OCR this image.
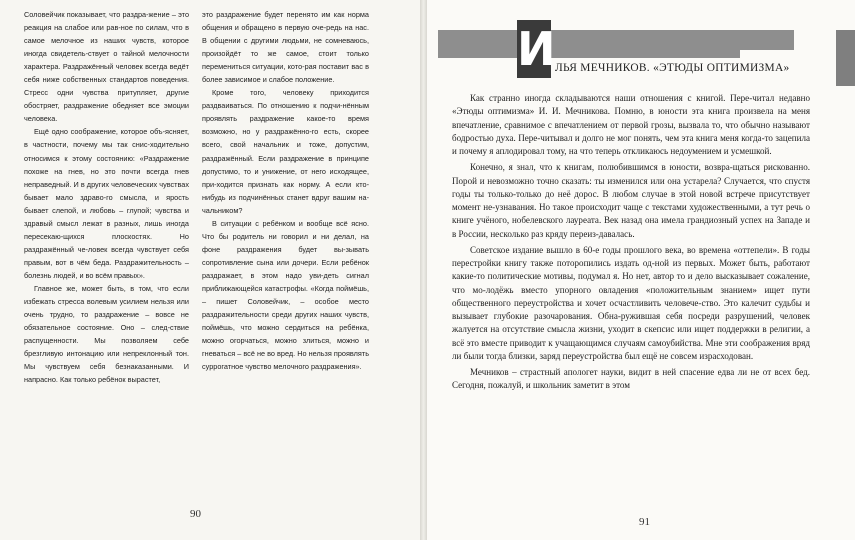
Соловейчик показывает, что раздра-жение – это реакция на слабое или рав-ное по силам, что в самое мелочное из наших чувств, которое иногда свидетель-ствует о тайной мелочности характера. Раздражённый человек всегда ведёт себя ниже собственных стандартов поведения. Стресс одни чувства притупляет, другие обостряет, раздражение обедняет все эмоции человека.

Ещё одно соображение, которое объ-ясняет, в частности, почему мы так снис-ходительно относимся к этому состоянию: «Раздражение похоже на гнев, но это почти всегда гнев неправедный. И в других человеческих чувствах бывает мало здраво-го смысла, и ярость бывает слепой, и любовь – глупой; чувства и здравый смысл лежат в разных, лишь иногда пересекаю-щихся плоскостях. Но раздражённый че-ловек всегда чувствует себя правым, вот в чём беда. Раздражительность – болезнь людей, и во всём правых».

Главное же, может быть, в том, что если избежать стресса волевым усилием нельзя или очень трудно, то раздражение – вовсе не обязательное состояние. Оно – след-ствие распущенности. Мы позволяем себе брезгливую интонацию или непреклонный тон. Мы чувствуем себя безнаказанными. И напрасно. Как только ребёнок вырастет,

это раздражение будет перенято им как норма общения и обращено в первую оче-редь на нас. В общении с другими людьми, не сомневаюсь, произойдёт то же самое, стоит только перемениться ситуации, кото-рая поставит вас в более зависимое и слабое положение.

Кроме того, человеку приходится раздваиваться. По отношению к подчи-нённым проявлять раздражение какое-то время возможно, но у раздражённо-го есть, скорее всего, свой начальник и тоже, допустим, раздражённый. Если раздражение в принципе допустимо, то и унижение, от него исходящее, при-ходится признать как норму. А если кто-нибудь из подчинённых станет вдруг вашим на-чальником?

В ситуации с ребёнком и вообще всё ясно. Что бы родитель ни говорил и ни делал, на фоне раздражения будет вы-зывать сопротивление сына или дочери. Если ребёнок раздражает, в этом надо уви-деть сигнал приближающейся катастрофы. «Когда поймёшь, – пишет Соловейчик, – особое место раздражительности среди других наших чувств, поймёшь, что можно сердиться на ребёнка, можно огорчаться, можно злиться, можно и гневаться – всё не во вред. Но нельзя проявлять суррогатное чувство мелочного раздражения».

90
91
И ЛЬЯ МЕЧНИКОВ. «ЭТЮДЫ ОПТИМИЗМА»

Как странно иногда складываются наши отношения с книгой. Пере-читал недавно «Этюды оптимизма» И. И. Мечникова. Помню, в юности эта книга произвела на меня впечатление, сравнимое с впечатлением от первой грозы, вызвала то, что обычно называют бодростью духа. Пере-читывал и долго не мог понять, чем эта книга меня когда-то зацепила и почему я аплодировал тому, на что теперь откликаюсь недоумением и усмешкой.

Конечно, я знал, что к книгам, полюбившимся в юности, возвра-щаться рискованно. Порой и невозможно точно сказать: ты изменился или она устарела? Случается, что спустя годы ты только-только до неё дорос. В любом случае в этой новой встрече присутствует момент не-узнавания. Но такое происходит чаще с текстами художественными, а тут речь о книге учёного, нобелевского лауреата. Век назад она имела грандиозный успех на Западе и в России, несколько раз кряду переиз-давалась.

Советское издание вышло в 60-е годы прошлого века, во времена «оттепели». В годы перестройки книгу также поторопились издать од-ной из первых. Может быть, работают какие-то политические мотивы, подумал я. Но нет, автор то и дело высказывает сожаление, что мо-лодёжь вместо упорного овладения «положительным знанием» ищет пути общественного переустройства и хочет осчастливить человече-ство. Это калечит судьбы и вызывает глубокие разочарования. Обна-ружившая себя посреди разрушений, человек жалуется на отсутствие смысла жизни, уходит в скепсис или ищет поддержки в религии, а всё это вместе приводит к учащающимся случаям самоубийства. Мне эти соображения вряд ли были тогда близки, заряд переустройства был ещё не совсем израсходован.

Мечников – страстный апологет науки, видит в ней спасение едва ли не от всех бед. Сегодня, пожалуй, и школьник заметит в этом
